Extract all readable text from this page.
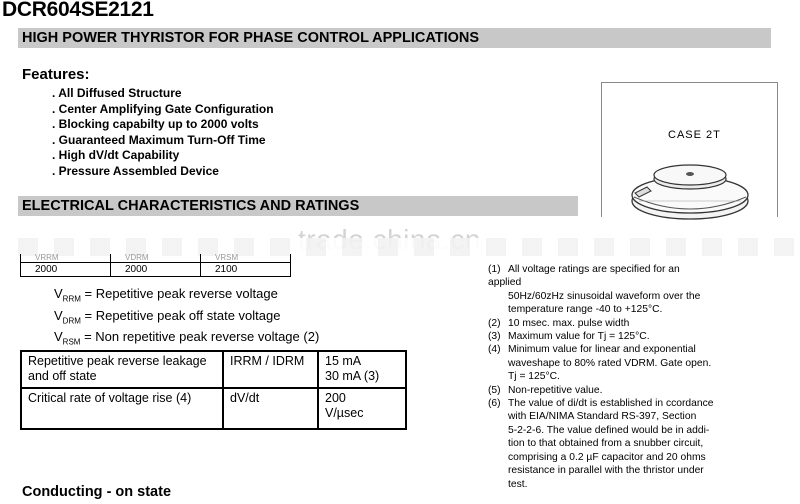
DCR604SE2121
HIGH POWER THYRISTOR FOR PHASE CONTROL APPLICATIONS
Features:
. All Diffused Structure
. Center Amplifying Gate Configuration
. Blocking capabilty up to 2000 volts
. Guaranteed Maximum Turn-Off Time
. High dV/dt Capability
. Pressure Assembled Device
CASE 2T
ELECTRICAL CHARACTERISTICS AND RATINGS
VRRM	VDRM	VRSM
2000	2000	2100
$V_{RRM}$ = Repetitive peak reverse voltage
$V_{DRM}$ = Repetitive peak off state voltage
$V_{RSM}$ = Non repetitive peak reverse voltage (2)
Repetitive peak reverse leakage and off state	IRRM / IDRM	15 mA
30 mA (3)

Critical rate of voltage rise (4)	dV/dt	200
V/µsec
(1) All voltage ratings are specified for an
applied
50Hz/60zHz sinusoidal waveform over the
temperature range -40 to +125°C.
(2) 10 msec. max. pulse width
(3) Maximum value for Tj = 125°C.
(4) Minimum value for linear and exponential
waveshape to 80% rated VDRM. Gate open.
Tj = 125°C.
(5) Non-repetitive value.
(6) The value of di/dt is established in ccordance
with EIA/NIMA Standard RS-397, Section
5-2-2-6. The value defined would be in addi-
tion to that obtained from a snubber circuit,
comprising a 0.2 µF capacitor and 20 ohms
resistance in parallel with the thristor under
test.
Conducting - on state
